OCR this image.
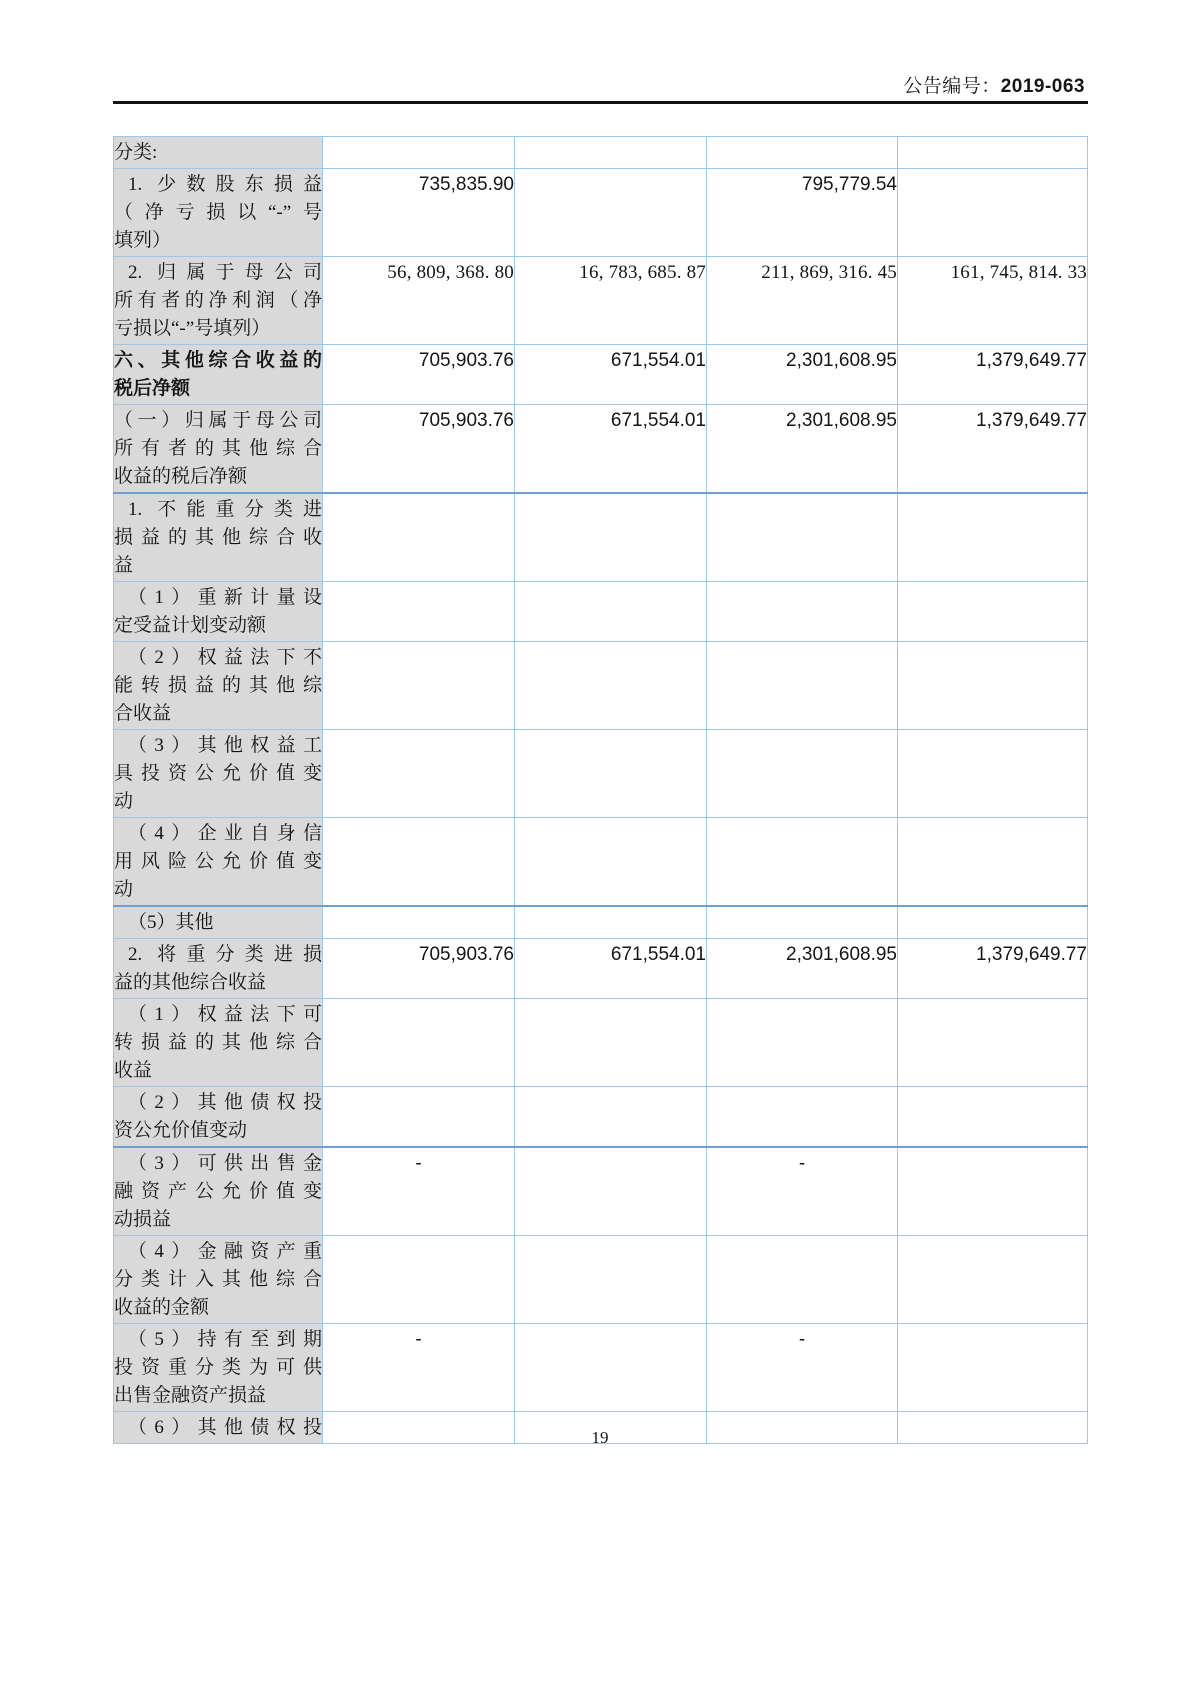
公告编号：2019-063
分类:				

1. 少数股东损益
（净亏损以“-”号
填列）	735,835.90		795,779.54	

2. 归属于母公司
所有者的净利润（净
亏损以“-”号填列）	56, 809, 368. 80	16, 783, 685. 87	211, 869, 316. 45	161, 745, 814. 33

六、其他综合收益的
税后净额	705,903.76	671,554.01	2,301,608.95	1,379,649.77

（一）归属于母公司
所有者的其他综合
收益的税后净额	705,903.76	671,554.01	2,301,608.95	1,379,649.77

1. 不能重分类进
损益的其他综合收
益				

（1）重新计量设
定受益计划变动额				

（2）权益法下不
能转损益的其他综
合收益				

（3）其他权益工
具投资公允价值变
动				

（4）企业自身信
用风险公允价值变
动				

（5）其他				

2. 将重分类进损
益的其他综合收益	705,903.76	671,554.01	2,301,608.95	1,379,649.77

（1）权益法下可
转损益的其他综合
收益				

（2）其他债权投
资公允价值变动				

（3）可供出售金
融资产公允价值变
动损益	-		-	

（4）金融资产重
分类计入其他综合
收益的金额				

（5）持有至到期
投资重分类为可供
出售金融资产损益	-		-	

（6）其他债权投				
					19
